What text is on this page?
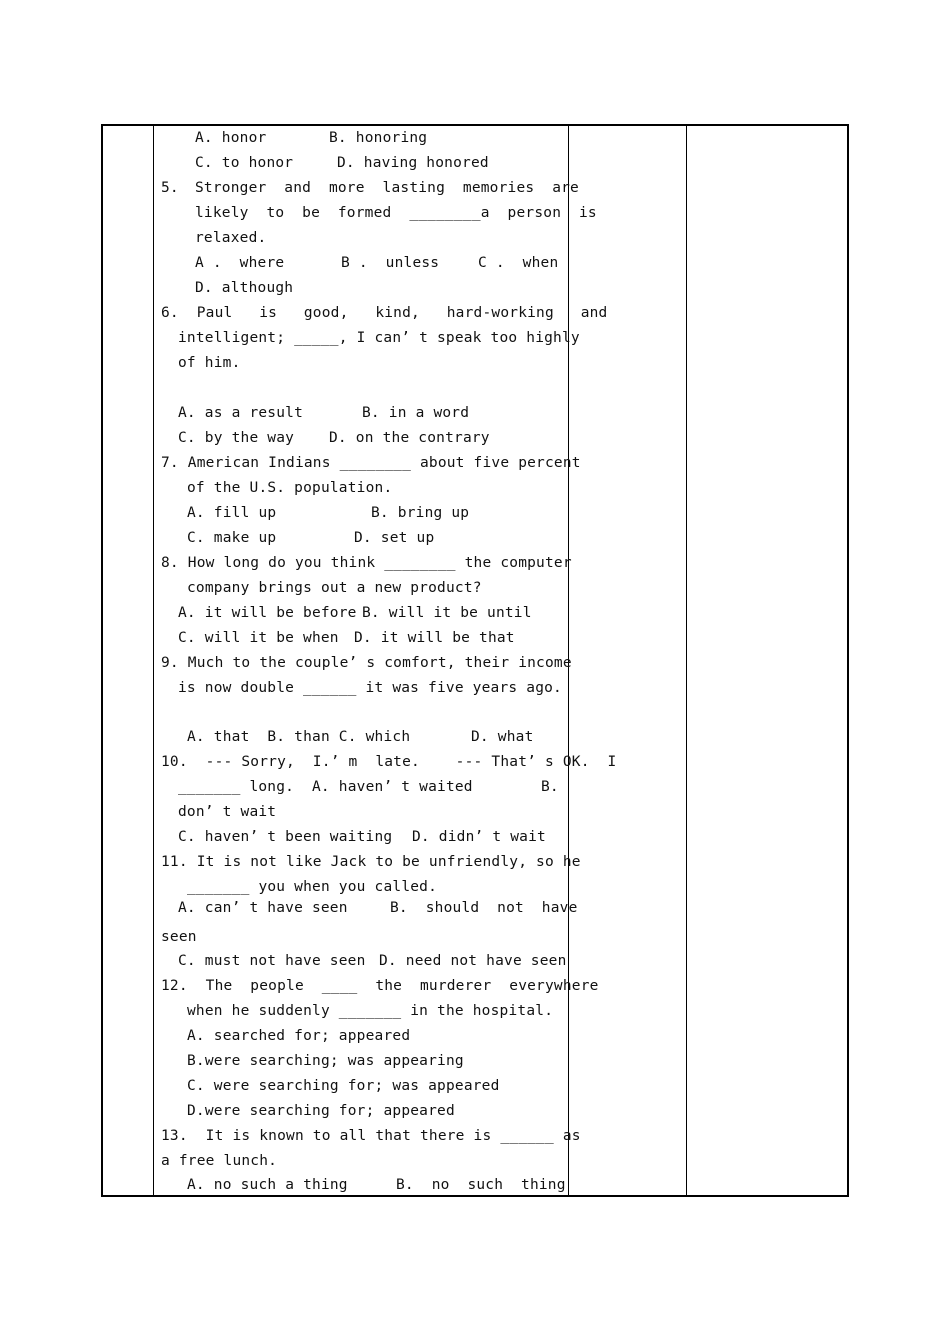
A. honor	B. honoring
C. to honor	D. having honored
5. Stronger  and  more  lasting  memories  are
likely  to  be  formed  ________a  person  is
relaxed.
A .  where	B .  unless	C .  when
D. although
6.  Paul   is   good,   kind,   hard-working   and
intelligent; _____, I can’ t speak too highly
of him.
A. as a result	B. in a word
C. by the way D. on the contrary
7. American Indians ________ about five percent
of the U.S. population.
A. fill up	B. bring up
C. make up	D. set up
8. How long do you think ________ the computer
company brings out a new product?
A. it will be before B. will it be until
C. will it be when D. it will be that
9. Much to the couple’ s comfort, their income
is now double ______ it was five years ago.
A. that  B. than C. which	D. what
10.  --- Sorry,  I.’ m  late.    --- That’ s OK.  I
_______ long. A. haven’ t waited	B.
don’ t wait
C. haven’ t been waiting D. didn’ t wait
11. It is not like Jack to be unfriendly, so he
_______ you when you called.
A. can’ t have seen	B.  should  not  have
seen
C. must not have seen D. need not have seen
12.  The  people  ____  the  murderer  everywhere
when he suddenly _______ in the hospital.
A. searched for; appeared
B.were searching; was appearing
C. were searching for; was appeared
D.were searching for; appeared
13.  It is known to all that there is ______ as
a free lunch.
A. no such a thing	B.  no  such  thing
